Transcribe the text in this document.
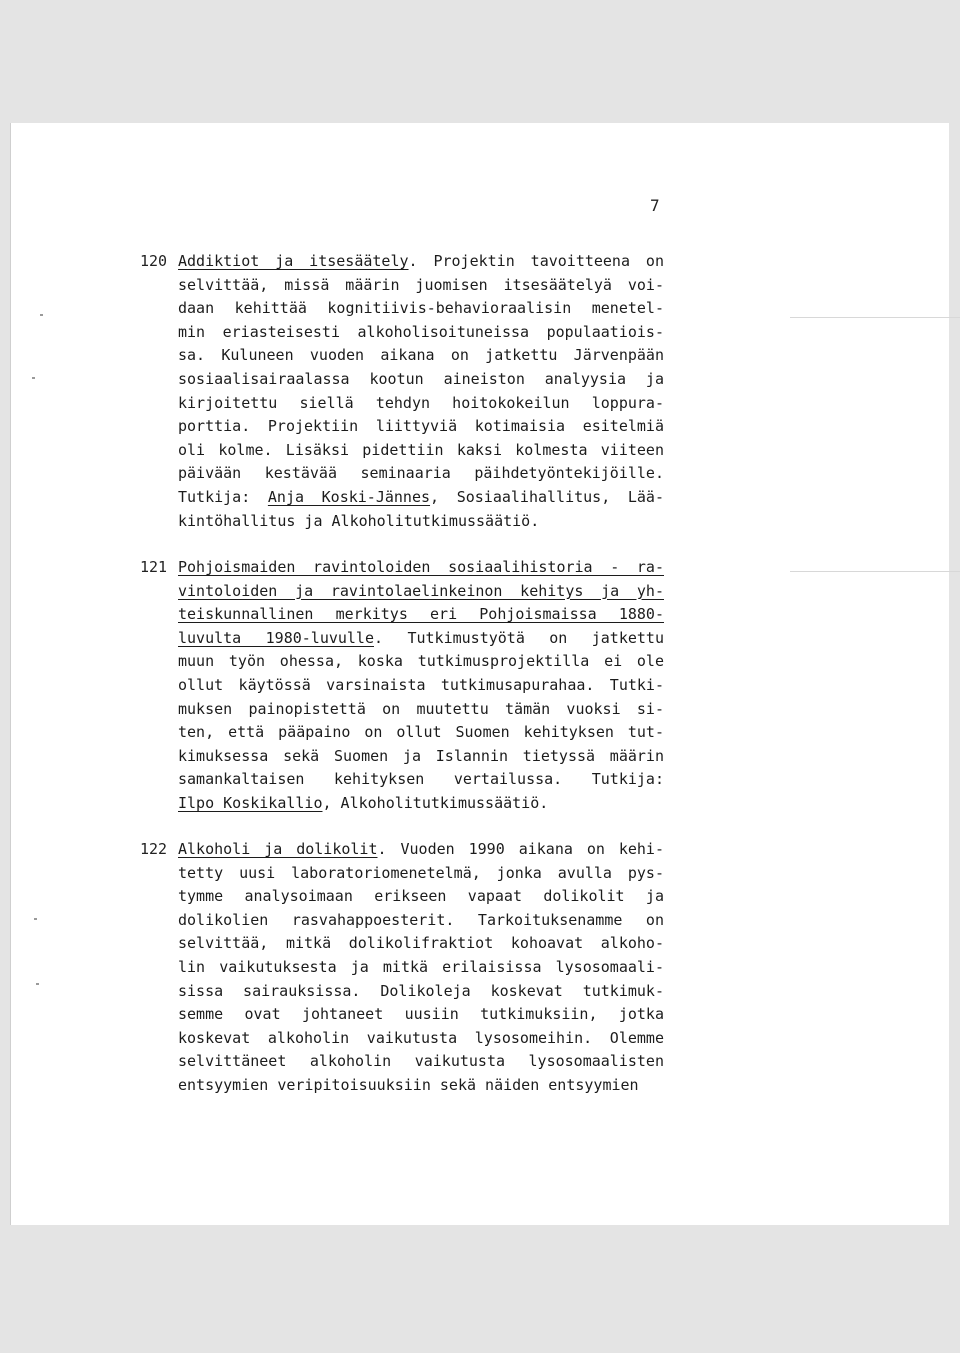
7
120 Addiktiot ja itsesäätely. Projektin tavoitteena on
selvittää, missä määrin juomisen itsesäätelyä voi-
daan kehittää kognitiivis-behavioraalisin menetel-
min eriasteisesti alkoholisoituneissa populaatiois-
sa. Kuluneen vuoden aikana on jatkettu Järvenpään
sosiaalisairaalassa kootun aineiston analyysia ja
kirjoitettu siellä tehdyn hoitokokeilun loppura-
porttia. Projektiin liittyviä kotimaisia esitelmiä
oli kolme. Lisäksi pidettiin kaksi kolmesta viiteen
päivään kestävää seminaaria päihdetyöntekijöille.
Tutkija: Anja Koski-Jännes, Sosiaalihallitus, Lää-
kintöhallitus ja Alkoholitutkimussäätiö.
121 Pohjoismaiden ravintoloiden sosiaalihistoria - ra-
vintoloiden ja ravintolaelinkeinon kehitys ja yh-
teiskunnallinen merkitys eri Pohjoismaissa 1880-
luvulta 1980-luvulle. Tutkimustyötä on jatkettu
muun työn ohessa, koska tutkimusprojektilla ei ole
ollut käytössä varsinaista tutkimusapurahaa. Tutki-
muksen painopistettä on muutettu tämän vuoksi si-
ten, että pääpaino on ollut Suomen kehityksen tut-
kimuksessa sekä Suomen ja Islannin tietyssä määrin
samankaltaisen kehityksen vertailussa. Tutkija:
Ilpo Koskikallio, Alkoholitutkimussäätiö.
122 Alkoholi ja dolikolit. Vuoden 1990 aikana on kehi-
tetty uusi laboratoriomenetelmä, jonka avulla pys-
tymme analysoimaan erikseen vapaat dolikolit ja
dolikolien rasvahappoesterit. Tarkoituksenamme on
selvittää, mitkä dolikolifraktiot kohoavat alkoho-
lin vaikutuksesta ja mitkä erilaisissa lysosomaali-
sissa sairauksissa. Dolikoleja koskevat tutkimuk-
semme ovat johtaneet uusiin tutkimuksiin, jotka
koskevat alkoholin vaikutusta lysosomeihin. Olemme
selvittäneet alkoholin vaikutusta lysosomaalisten
entsyymien veripitoisuuksiin sekä näiden entsyymien
